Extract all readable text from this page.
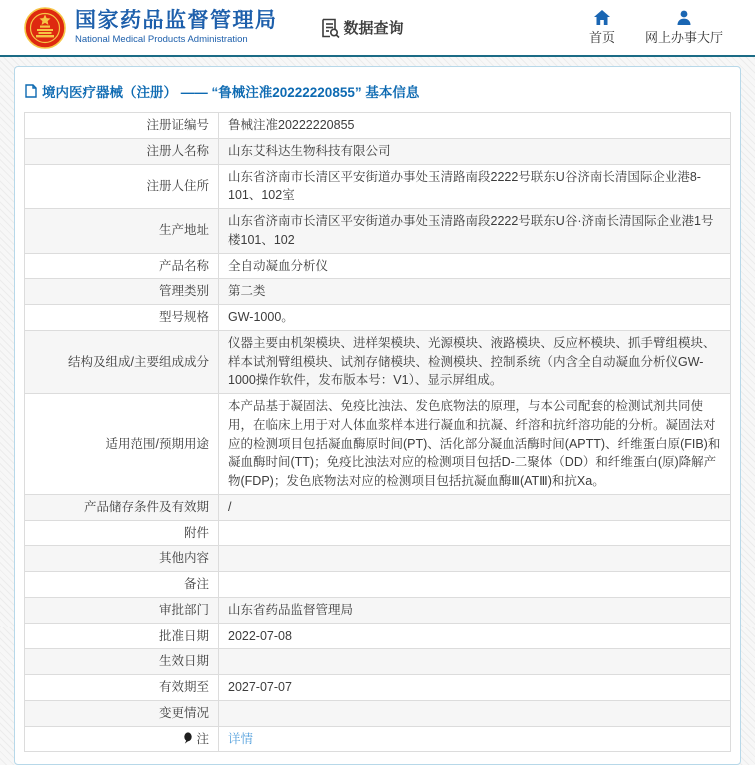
国家药品监督管理局
National Medical Products Administration
数据查询	首页 网上办事大厅
境内医疗器械（注册） —— “鲁械注准20222220855” 基本信息
注册证编号	鲁械注准20222220855
注册人名称	山东艾科达生物科技有限公司
注册人住所	山东省济南市长清区平安街道办事处玉清路南段2222号联东U谷济南长清国际企业港8-101、102室
生产地址	山东省济南市长清区平安街道办事处玉清路南段2222号联东U谷·济南长清国际企业港1号楼101、102
产品名称	全自动凝血分析仪
管理类别	第二类
型号规格	GW-1000。
结构及组成/主要组成成分	仪器主要由机架模块、进样架模块、光源模块、液路模块、反应杯模块、抓手臂组模块、样本试剂臂组模块、试剂存储模块、检测模块、控制系统（内含全自动凝血分析仪GW-1000操作软件，发布版本号：V1）、显示屏组成。
适用范围/预期用途	本产品基于凝固法、免疫比浊法、发色底物法的原理，与本公司配套的检测试剂共同使用，在临床上用于对人体血浆样本进行凝血和抗凝、纤溶和抗纤溶功能的分析。凝固法对应的检测项目包括凝血酶原时间(PT)、活化部分凝血活酶时间(APTT)、纤维蛋白原(FIB)和凝血酶时间(TT)；免疫比浊法对应的检测项目包括D-二聚体（DD）和纤维蛋白(原)降解产物(FDP)；发色底物法对应的检测项目包括抗凝血酶Ⅲ(ATⅢ)和抗Xa。
产品储存条件及有效期	/
附件	
其他内容	
备注	
审批部门	山东省药品监督管理局
批准日期	2022-07-08
生效日期	
有效期至	2027-07-07
变更情况	

注	详情
